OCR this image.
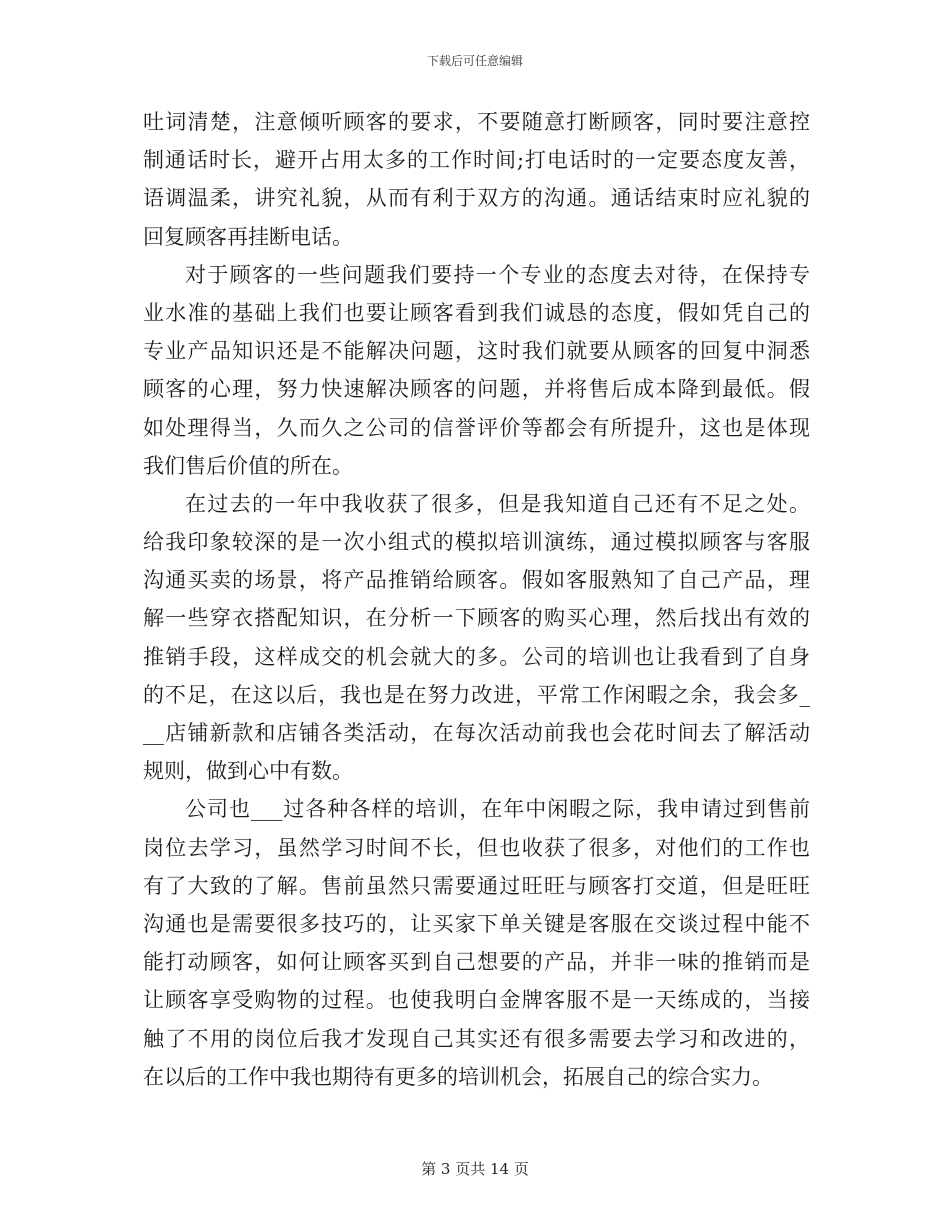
下载后可任意编辑
吐词清楚，注意倾听顾客的要求，不要随意打断顾客，同时要注意控
制通话时长，避开占用太多的工作时间;打电话时的一定要态度友善，
语调温柔，讲究礼貌，从而有利于双方的沟通。通话结束时应礼貌的
回复顾客再挂断电话。
对于顾客的一些问题我们要持一个专业的态度去对待，在保持专
业水准的基础上我们也要让顾客看到我们诚恳的态度，假如凭自己的
专业产品知识还是不能解决问题，这时我们就要从顾客的回复中洞悉
顾客的心理，努力快速解决顾客的问题，并将售后成本降到最低。假
如处理得当，久而久之公司的信誉评价等都会有所提升，这也是体现
我们售后价值的所在。
在过去的一年中我收获了很多，但是我知道自己还有不足之处。
给我印象较深的是一次小组式的模拟培训演练，通过模拟顾客与客服
沟通买卖的场景，将产品推销给顾客。假如客服熟知了自己产品，理
解一些穿衣搭配知识，在分析一下顾客的购买心理，然后找出有效的
推销手段，这样成交的机会就大的多。公司的培训也让我看到了自身
的不足，在这以后，我也是在努力改进，平常工作闲暇之余，我会多_
__店铺新款和店铺各类活动，在每次活动前我也会花时间去了解活动
规则，做到心中有数。
公司也___过各种各样的培训，在年中闲暇之际，我申请过到售前
岗位去学习，虽然学习时间不长，但也收获了很多，对他们的工作也
有了大致的了解。售前虽然只需要通过旺旺与顾客打交道，但是旺旺
沟通也是需要很多技巧的，让买家下单关键是客服在交谈过程中能不
能打动顾客，如何让顾客买到自己想要的产品，并非一味的推销而是
让顾客享受购物的过程。也使我明白金牌客服不是一天练成的，当接
触了不用的岗位后我才发现自己其实还有很多需要去学习和改进的，
在以后的工作中我也期待有更多的培训机会，拓展自己的综合实力。
第 3 页共 14 页
